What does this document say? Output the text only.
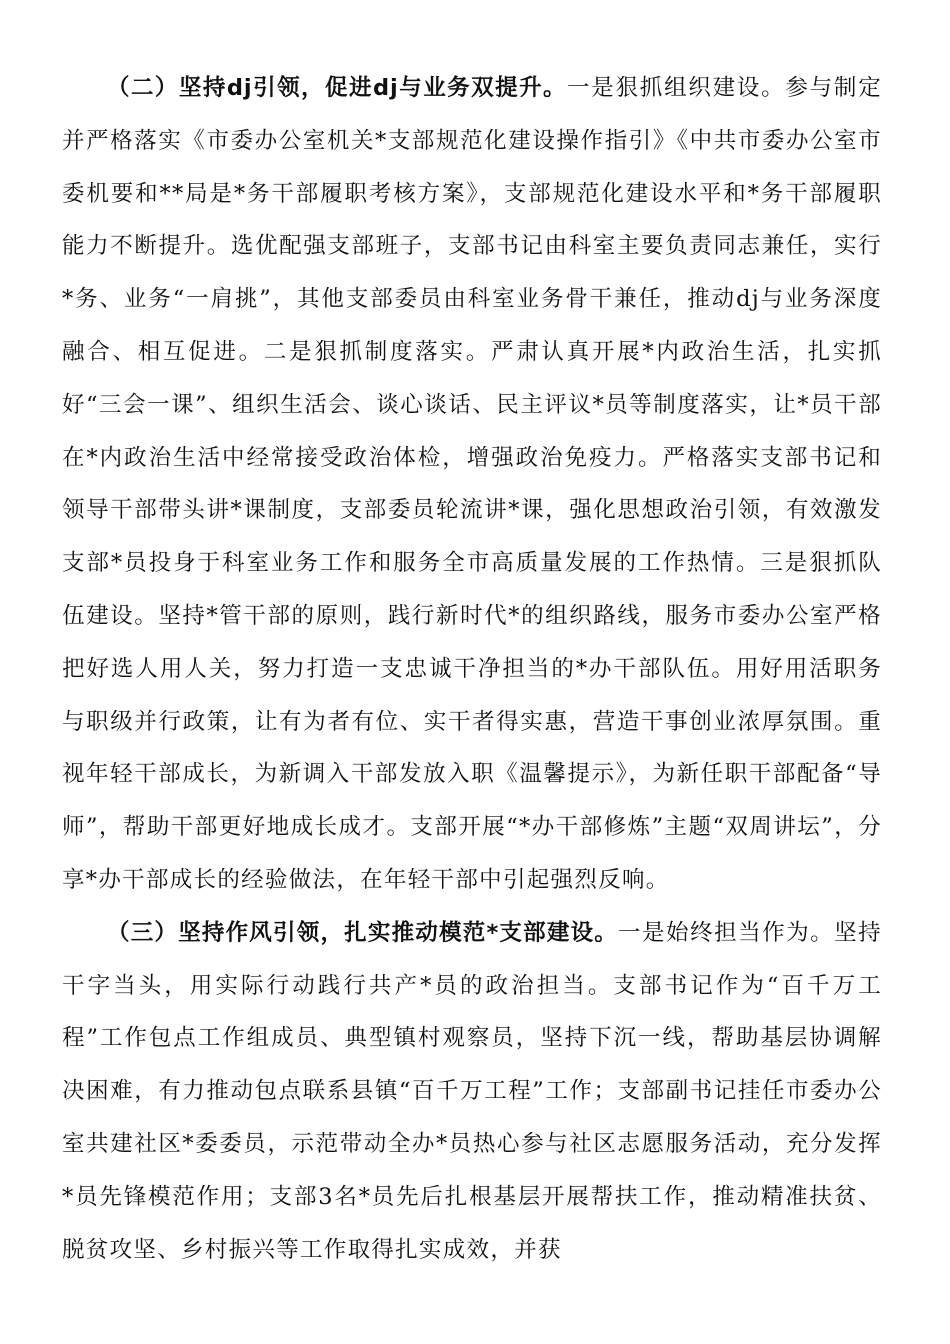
（二）坚持dj引领，促进dj与业务双提升。一是狠抓组织建设。参与制定并严格落实《市委办公室机关*支部规范化建设操作指引》《中共市委办公室市委机要和**局是*务干部履职考核方案》，支部规范化建设水平和*务干部履职能力不断提升。选优配强支部班子，支部书记由科室主要负责同志兼任，实行*务、业务“一肩挑”，其他支部委员由科室业务骨干兼任，推动dj与业务深度融合、相互促进。二是狠抓制度落实。严肃认真开展*内政治生活，扎实抓好“三会一课”、组织生活会、谈心谈话、民主评议*员等制度落实，让*员干部在*内政治生活中经常接受政治体检，增强政治免疫力。严格落实支部书记和领导干部带头讲*课制度，支部委员轮流讲*课，强化思想政治引领，有效激发支部*员投身于科室业务工作和服务全市高质量发展的工作热情。三是狠抓队伍建设。坚持*管干部的原则，践行新时代*的组织路线，服务市委办公室严格把好选人用人关，努力打造一支忠诚干净担当的*办干部队伍。用好用活职务与职级并行政策，让有为者有位、实干者得实惠，营造干事创业浓厚氛围。重视年轻干部成长，为新调入干部发放入职《温馨提示》，为新任职干部配备“导师”，帮助干部更好地成长成才。支部开展“*办干部修炼”主题“双周讲坛”，分享*办干部成长的经验做法，在年轻干部中引起强烈反响。

（三）坚持作风引领，扎实推动模范*支部建设。一是始终担当作为。坚持干字当头，用实际行动践行共产*员的政治担当。支部书记作为“百千万工程”工作包点工作组成员、典型镇村观察员，坚持下沉一线，帮助基层协调解决困难，有力推动包点联系县镇“百千万工程”工作；支部副书记挂任市委办公室共建社区*委委员，示范带动全办*员热心参与社区志愿服务活动，充分发挥*员先锋模范作用；支部3名*员先后扎根基层开展帮扶工作，推动精准扶贫、脱贫攻坚、乡村振兴等工作取得扎实成效，并获
